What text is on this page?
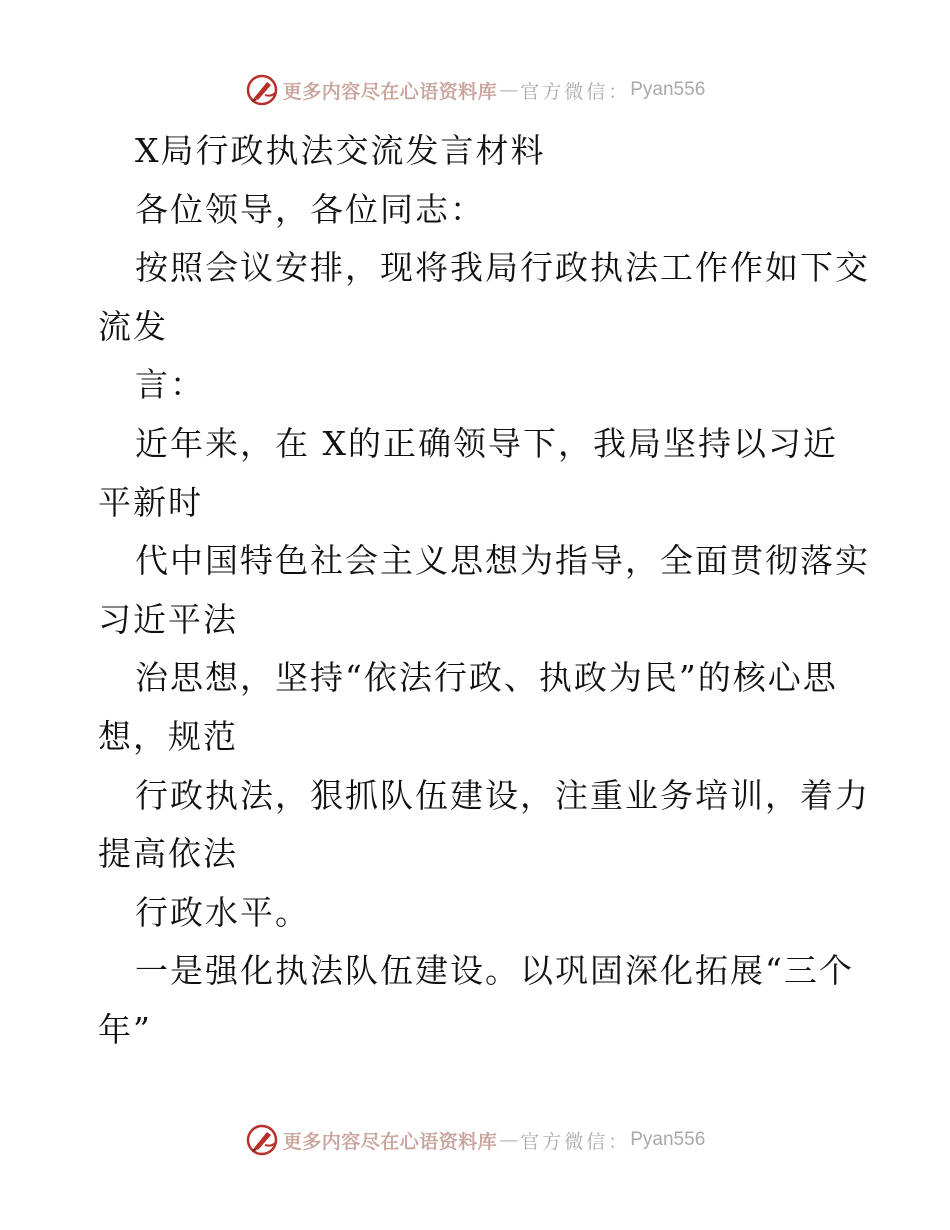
更多内容尽在心语资料库 — 官方微信： Pyan556
X局行政执法交流发言材料
各位领导，各位同志：
按照会议安排，现将我局行政执法工作作如下交
流发
言：
近年来，在 X的正确领导下，我局坚持以习近
平新时
代中国特色社会主义思想为指导，全面贯彻落实
习近平法
治思想，坚持“依法行政、执政为民”的核心思
想，规范
行政执法，狠抓队伍建设，注重业务培训，着力
提高依法
行政水平。
一是强化执法队伍建设。以巩固深化拓展“三个
年”
更多内容尽在心语资料库 — 官方微信： Pyan556
